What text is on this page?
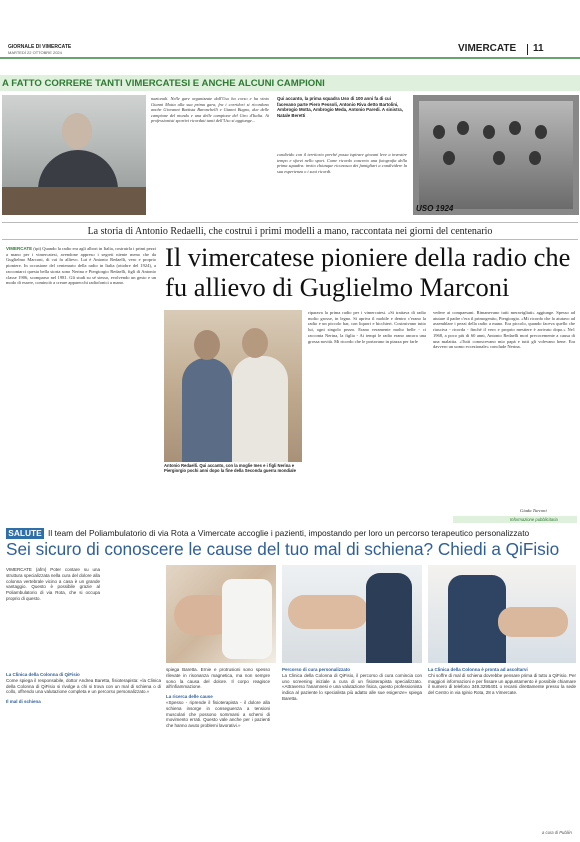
GIORNALE DI VIMERCATE
MARTEDÌ 22 OTTOBRE 2024	VIMERCATE 11
A FATTO CORRERE TANTI VIMERCATESI E ANCHE ALCUNI CAMPIONI
nazionali. Nelle gare organizzate dall'Uso ha corso e ha vinto Gianni Motta alla sua prima gara, fra i corridori si ricordano anche Giovanni Battista Baronchelli e Gianni Bugno, due delle campione del mondo e una delle campione del Giro d'Italia. Ai professionisti sportivi ricordati tanti dell'Uso si aggiunge...
Qui accanto, la prima squadra Uso di 100 anni fa di cui facevano parte Piero Pessoli, Antonio Riva detto Bartolini, Ambrogio Motta, Ambrogio Meda, Antonio Paredi. A sinistra, Natale Beretti
condivido con il territorio perché possa ispirare giovani leve a investire tempo e sforzi nello sport. Come ricordo concreto una fotografia della prima squadra: invito chiunque riconosca dei famigliari a condividere la sua esperienza o i suoi ricordi.
USO 1924
La storia di Antonio Redaelli, che costruì i primi modelli a mano, raccontata nei giorni del centenario
Il vimercatese pioniere della radio che fu allievo di Guglielmo Marconi
VIMERCATE (tpi) Quando la radio era agli albori in Italia, costruirla i primi pezzi a mano per i vimercatesi, avendone appreso i segreti niente meno che da Guglielmo Marconi, di cui fu allievo. Lui è Antonio Redaelli, vero e proprio pioniere. In occasione del centenario della radio in Italia (ottobre del 1924), a raccontarci questa bella storia sono Nerina e Piergiorgio Redaelli, figli di Antonio classe 1906, scomparso nel 1981. Gli studi su sé stesso, evolvendo un gesto e un modo di essere, cominciò a creare apparecchi radiofonici a mano.
Antonio Redaelli. Qui accanto, con la moglie Ines e i figli Nerina e Piergiorgio pochi anni dopo la fine della Seconda guerra mondiale
riparava la prima radio per i vimercatesi. «Si trattava di radio molto grosse, in legno. Si apriva il mobile e dentro c'erano la radio e un piccolo bar, con liquori e bicchieri. Costruivano tutto lui, ogni singolo pezzo. Erano veramente molto belle - ci racconta Nerina, la figlia - Ai tempi le radio erano ancora una grossa novità. Mi ricordo che le portavano in piazza per farle
vedere ai compaesani. Rimanevano tutti meravigliati» aggiunge. Spesso ad aiutare il padre c'era il primogenito, Piergiorgio. «Mi ricordo che lo aiutavo ad assemblare i pezzi della radio a mano. Era piccolo, quando faceva quello che riusciva - ricorda - finché il vero e proprio mestiere è arrivato dopo.» Ne1 1968, a poco più di 60 anni, Antonio Redaelli morì precocemente a causa di una malattia. «Tutti conoscevano mio papà e tutti gli volevano bene. Era davvero un uomo eccezionale» conclude Nerina.
Giada Turconi
Informazione pubblicitaria
SALUTE Il team del Poliambulatorio di via Rota a Vimercate accoglie i pazienti, impostando per loro un percorso terapeutico personalizzato
Sei sicuro di conoscere le cause del tuo mal di schiena? Chiedi a QiFisio
VIMERCATE (afm) Poter contare su una struttura specializzata nella cura del dolore alla colonna vertebrale vicino a casa è un grande vantaggio. Questo è possibile grazie al Poliambulatorio di via Rota, che si occupa proprio di questo.
La Clinica della Colonna di QiFisio
Come spiega il responsabile, dottor Andrea Baretta, fisioterapista: «la Clinica della Colonna di QiFisio si rivolge a chi si trova con un mal di schiena o di collo, offrendo una valutazione completa e un percorso personalizzato.»
Il mal di schiena
spiega Baretta. Ernie e protrusioni sono spesso rilevate in risonanza magnetica, ma non sempre sono la causa del dolore. Il corpo reagisce all'infiammazione.
La ricerca delle cause
«Spesso - riprende il fisioterapista - il dolore alla schiena insorge in conseguenza a tensioni muscolari che possono sommarsi a schemi di movimento errati. Questo vale anche per i pazienti che hanno avuto problemi lavorativi.»
Percorso di cura personalizzato
La Clinica della Colonna di QiFisio, il percorso di cura comincia con uno screening iniziale a cura di un fisioterapista specializzato. «Attraverso l'anamnesi e una valutazione fisica, questo professionista indica al paziente lo specialista più adatto alle sue esigenze» spiega Baretta.
La Clinica della Colonna è pronta ad ascoltarvi
Chi soffre di mal di schiena dovrebbe pensare prima di tutto a QiFisio. Per maggiori informazioni e per fissare un appuntamento è possibile chiamare il numero di telefono 349.3295401 o recarsi direttamente presso la sede del Centro in via Iginio Rota, 28 a Vimercate.
a cura di Publiin
